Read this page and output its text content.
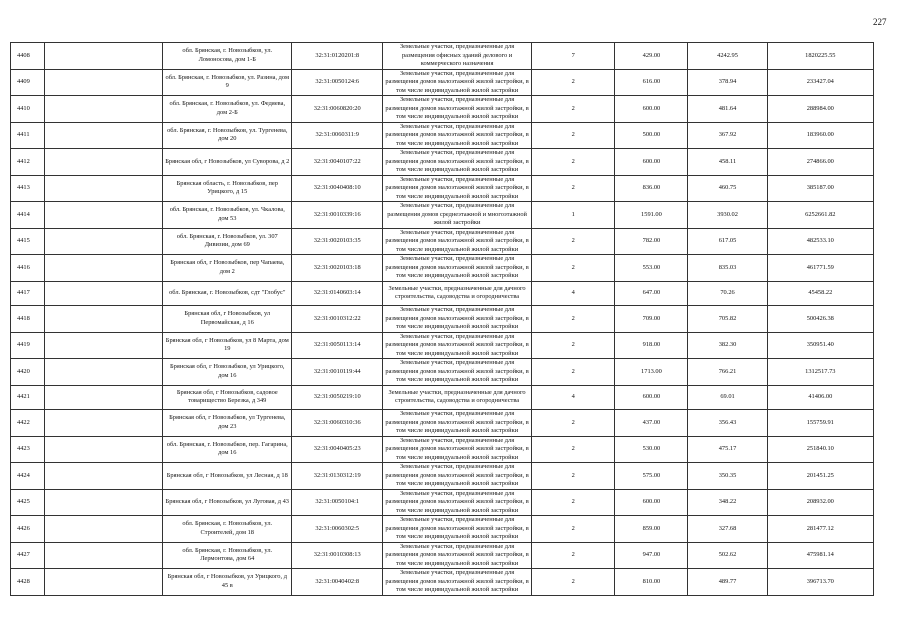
227
4408		обл. Брянская, г. Новозыбков, ул. Ломоносова, дом 1-Б	32:31:0120201:8	Земельные участки, предназначенные для размещения офисных зданий делового и коммерческого назначения	7	429.00	4242.95	1820225.55
4409		обл. Брянская, г. Новозыбков, ул. Разина, дом 9	32:31:0050124:6	Земельные участки, предназначенные для размещения домов малоэтажной жилой застройки, в том числе индивидуальной жилой застройки	2	616.00	378.94	233427.04
4410		обл. Брянская, г. Новозыбков, ул. Федяева, дом 2-Б	32:31:0060820:20	Земельные участки, предназначенные для размещения домов малоэтажной жилой застройки, в том числе индивидуальной жилой застройки	2	600.00	481.64	288984.00
4411		обл. Брянская, г. Новозыбков, ул. Тургенева, дом 20	32:31:0060311:9	Земельные участки, предназначенные для размещения домов малоэтажной жилой застройки, в том числе индивидуальной жилой застройки	2	500.00	367.92	183960.00
4412		Брянская обл, г Новозыбков, ул Суворова, д 2	32:31:0040107:22	Земельные участки, предназначенные для размещения домов малоэтажной жилой застройки, в том числе индивидуальной жилой застройки	2	600.00	458.11	274866.00
4413		Брянская область, г. Новозыбков, пер Урицкого, д 15	32:31:0040408:10	Земельные участки, предназначенные для размещения домов малоэтажной жилой застройки, в том числе индивидуальной жилой застройки	2	836.00	460.75	385187.00
4414		обл. Брянская, г. Новозыбков, ул. Чкалова, дом 53	32:31:0010339:16	Земельные участки, предназначенные для размещения домов среднеэтажной и многоэтажной жилой застройки	1	1591.00	3930.02	6252661.82
4415		обл. Брянская, г. Новозыбков, ул. 307 Дивизии, дом 69	32:31:0020103:35	Земельные участки, предназначенные для размещения домов малоэтажной жилой застройки, в том числе индивидуальной жилой застройки	2	782.00	617.05	482533.10
4416		Брянская обл, г Новозыбков, пер Чапаева, дом 2	32:31:0020103:18	Земельные участки, предназначенные для размещения домов малоэтажной жилой застройки, в том числе индивидуальной жилой застройки	2	553.00	835.03	461771.59
4417		обл. Брянская, г. Новозыбков, сдт "Глобус"	32:31:0140603:14	Земельные участки, предназначенные для дачного строительства, садоводства и огородничества	4	647.00	70.26	45458.22
4418		Брянская обл, г Новозыбков, ул Первомайская, д 16	32:31:0010312:22	Земельные участки, предназначенные для размещения домов малоэтажной жилой застройки, в том числе индивидуальной жилой застройки	2	709.00	705.82	500426.38
4419		Брянская обл, г Новозыбков, ул 8 Марта, дом 19	32:31:0050113:14	Земельные участки, предназначенные для размещения домов малоэтажной жилой застройки, в том числе индивидуальной жилой застройки	2	918.00	382.30	350951.40
4420		Брянская обл, г Новозыбков, ул Урицкого, дом 16	32:31:0010119:44	Земельные участки, предназначенные для размещения домов малоэтажной жилой застройки, в том числе индивидуальной жилой застройки	2	1713.00	766.21	1312517.73
4421		Брянская обл, г Новозыбков, садовое товарищество Березка, д 349	32:31:0050219:10	Земельные участки, предназначенные для дачного строительства, садоводства и огородничества	4	600.00	69.01	41406.00
4422		Брянская обл, г Новозыбков, ул Тургенева, дом 23	32:31:0060310:36	Земельные участки, предназначенные для размещения домов малоэтажной жилой застройки, в том числе индивидуальной жилой застройки	2	437.00	356.43	155759.91
4423		обл. Брянская, г. Новозыбков, пер. Гагарина, дом 16	32:31:0040405:23	Земельные участки, предназначенные для размещения домов малоэтажной жилой застройки, в том числе индивидуальной жилой застройки	2	530.00	475.17	251840.10
4424		Брянская обл, г Новозыбков, ул Лесная, д 18	32:31:0130312:19	Земельные участки, предназначенные для размещения домов малоэтажной жилой застройки, в том числе индивидуальной жилой застройки	2	575.00	350.35	201451.25
4425		Брянская обл, г Новозыбков, ул Луговая, д 43	32:31:0050104:1	Земельные участки, предназначенные для размещения домов малоэтажной жилой застройки, в том числе индивидуальной жилой застройки	2	600.00	348.22	208932.00
4426		обл. Брянская, г. Новозыбков, ул. Строителей, дом 18	32:31:0060302:5	Земельные участки, предназначенные для размещения домов малоэтажной жилой застройки, в том числе индивидуальной жилой застройки	2	859.00	327.68	281477.12
4427		обл. Брянская, г. Новозыбков, ул. Лермонтова, дом 64	32:31:0010308:13	Земельные участки, предназначенные для размещения домов малоэтажной жилой застройки, в том числе индивидуальной жилой застройки	2	947.00	502.62	475981.14
4428		Брянская обл, г Новозыбков, ул Урицкого, д 45 в	32:31:0040402:8	Земельные участки, предназначенные для размещения домов малоэтажной жилой застройки, в том числе индивидуальной жилой застройки	2	810.00	489.77	396713.70
